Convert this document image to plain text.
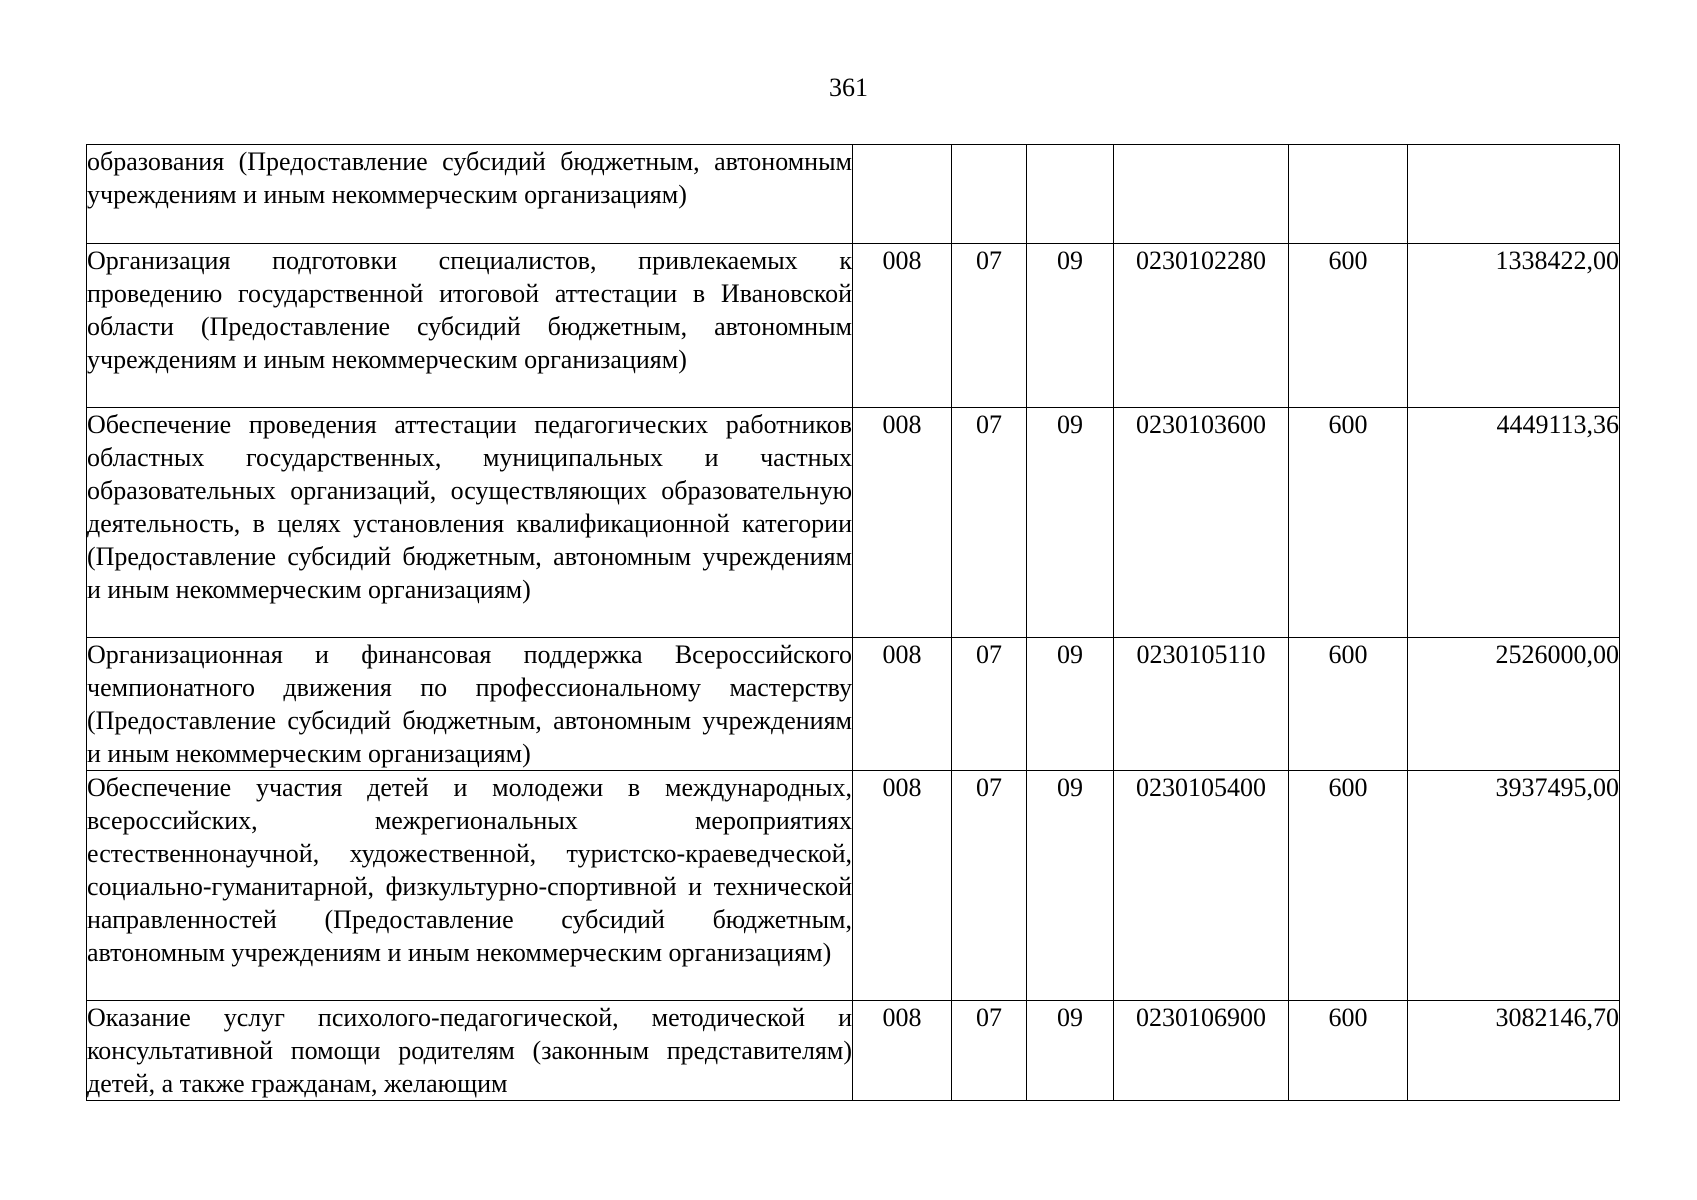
361
образования (Предоставление субсидий бюджетным, автономным учреждениям и иным некоммерческим организациям)						
Организация подготовки специалистов, привлекаемых к проведению государственной итоговой аттестации в Ивановской области (Предоставление субсидий бюджетным, автономным учреждениям и иным некоммерческим организациям)	008	07	09	0230102280	600	1338422,00
Обеспечение проведения аттестации педагогических работников областных государственных, муниципальных и частных образовательных организаций, осуществляющих образовательную деятельность, в целях установления квалификационной категории (Предоставление субсидий бюджетным, автономным учреждениям и иным некоммерческим организациям)	008	07	09	0230103600	600	4449113,36
Организационная и финансовая поддержка Всероссийского чемпионатного движения по профессиональному мастерству (Предоставление субсидий бюджетным, автономным учреждениям и иным некоммерческим организациям)	008	07	09	0230105110	600	2526000,00
Обеспечение участия детей и молодежи в международных, всероссийских, межрегиональных мероприятиях естественнонаучной, художественной, туристско-краеведческой, социально-гуманитарной, физкультурно-спортивной и технической направленностей (Предоставление субсидий бюджетным, автономным учреждениям и иным некоммерческим организациям)	008	07	09	0230105400	600	3937495,00
Оказание услуг психолого-педагогической, методической и консультативной помощи родителям (законным представителям) детей, а также гражданам, желающим	008	07	09	0230106900	600	3082146,70
